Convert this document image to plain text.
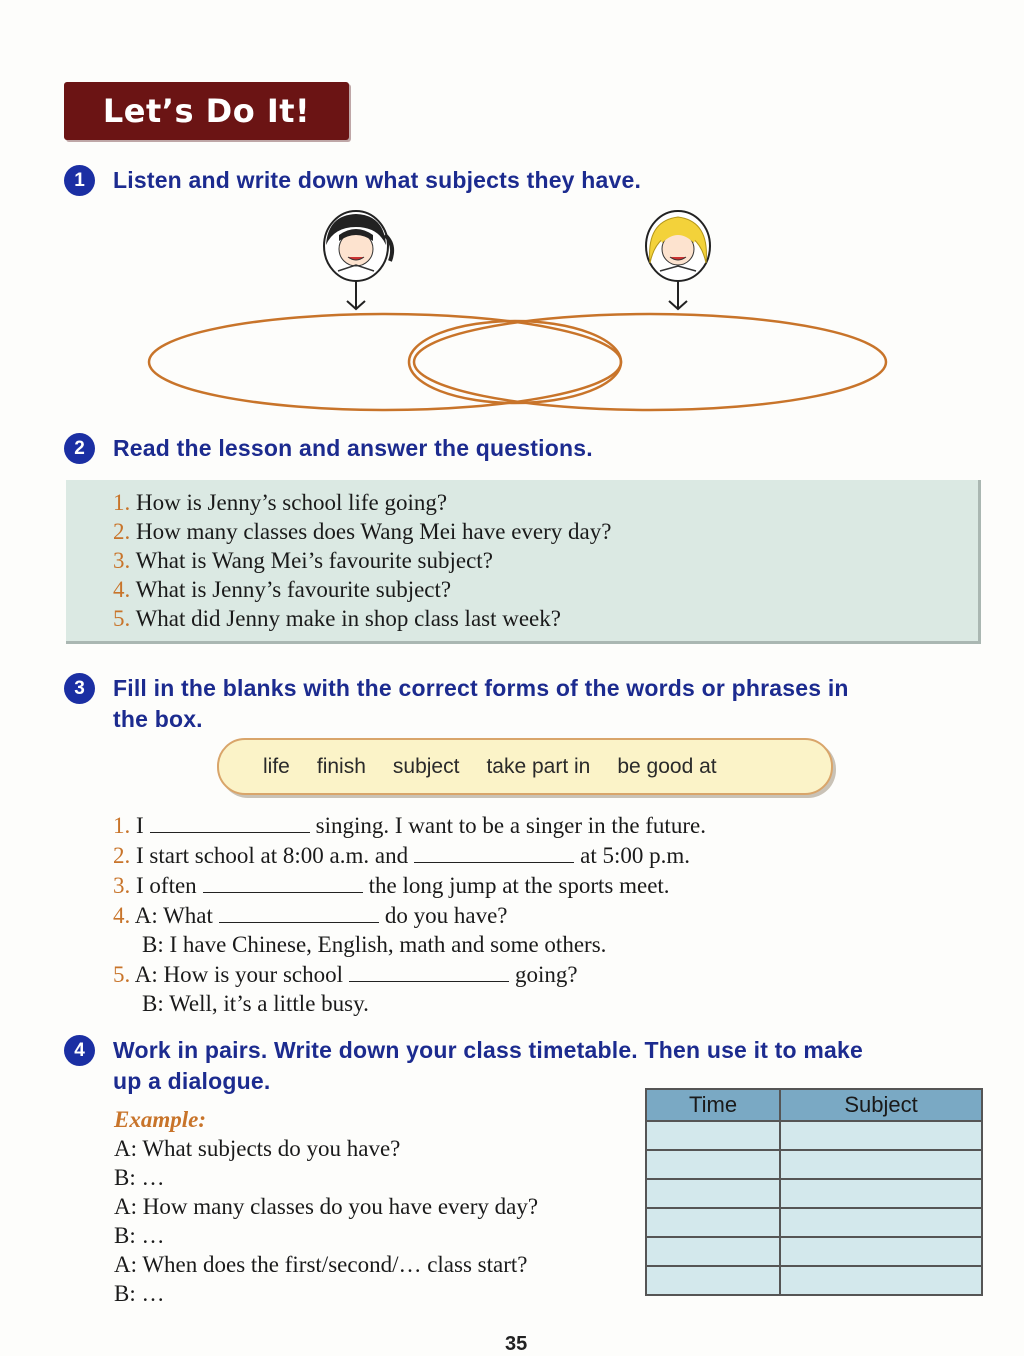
Let’s Do It!
1	Listen and write down what subjects they have.
2	Read the lesson and answer the questions.
1. How is Jenny’s school life going?
2. How many classes does Wang Mei have every day?
3. What is Wang Mei’s favourite subject?
4. What is Jenny’s favourite subject?
5. What did Jenny make in shop class last week?
3	Fill in the blanks with the correct forms of the words or phrases in
the box.
life finish subject take part in be good at
1. I	singing. I want to be a singer in the future.
2. I start school at 8:00 a.m. and	at 5:00 p.m.
3. I often	the long jump at the sports meet.
4. A: What	do you have?
B: I have Chinese, English, math and some others.
5. A: How is your school	going?
B: Well, it’s a little busy.
4	Work in pairs. Write down your class timetable. Then use it to make
up a dialogue.
Example:
A: What subjects do you have?
B: …
A: How many classes do you have every day?
B: …
A: When does the first/second/… class start?
B: …
Time	Subject

35
